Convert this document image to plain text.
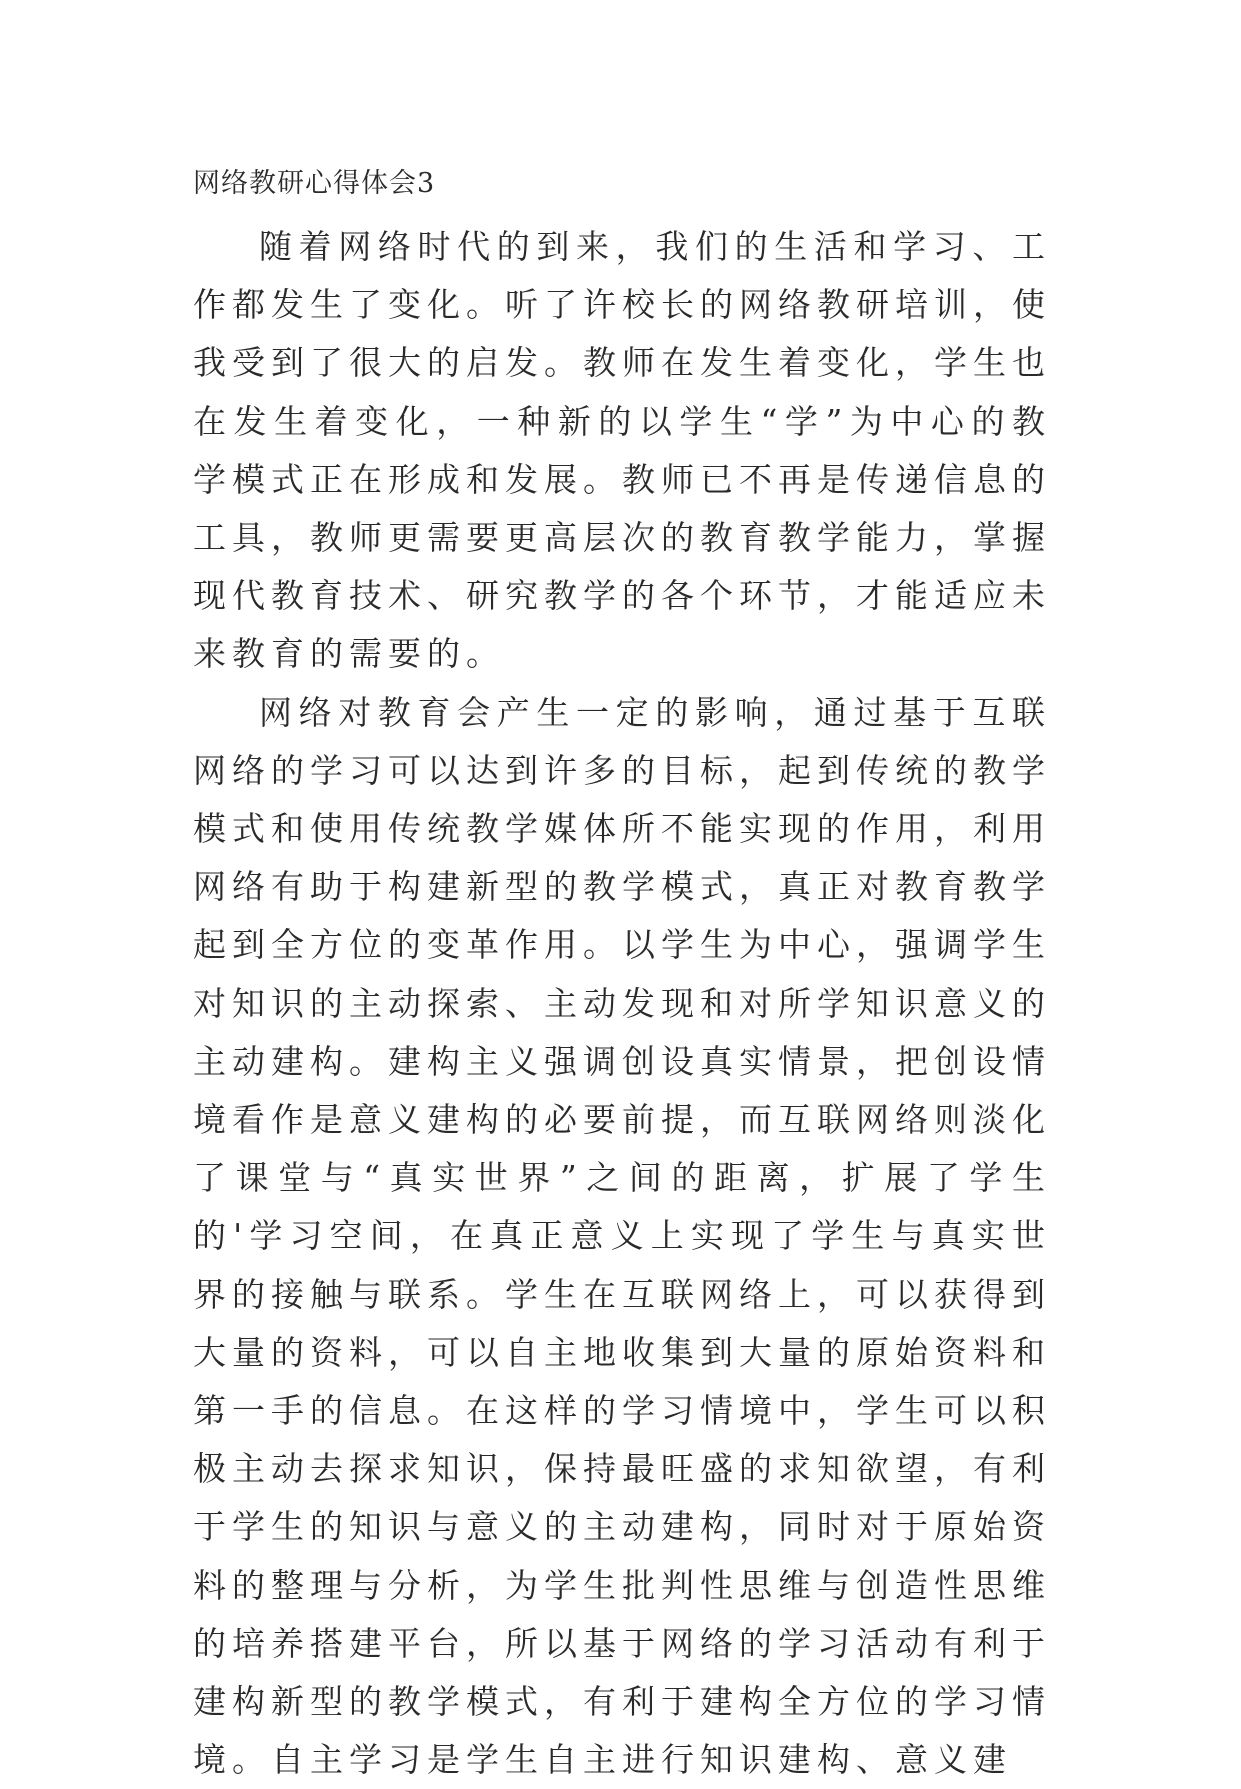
网络教研心得体会3

随着网络时代的到来，我们的生活和学习、工作都发生了变化。听了许校长的网络教研培训，使我受到了很大的启发。教师在发生着变化，学生也在发生着变化，一种新的以学生“学”为中心的教学模式正在形成和发展。教师已不再是传递信息的工具，教师更需要更高层次的教育教学能力，掌握现代教育技术、研究教学的各个环节，才能适应未来教育的需要的。

网络对教育会产生一定的影响，通过基于互联网络的学习可以达到许多的目标，起到传统的教学模式和使用传统教学媒体所不能实现的作用，利用网络有助于构建新型的教学模式，真正对教育教学起到全方位的变革作用。以学生为中心，强调学生对知识的主动探索、主动发现和对所学知识意义的主动建构。建构主义强调创设真实情景，把创设情境看作是意义建构的必要前提，而互联网络则淡化了课堂与“真实世界”之间的距离，扩展了学生的'学习空间，在真正意义上实现了学生与真实世界的接触与联系。学生在互联网络上，可以获得到大量的资料，可以自主地收集到大量的原始资料和第一手的信息。在这样的学习情境中，学生可以积极主动去探求知识，保持最旺盛的求知欲望，有利于学生的知识与意义的主动建构，同时对于原始资料的整理与分析，为学生批判性思维与创造性思维的培养搭建平台，所以基于网络的学习活动有利于建构新型的教学模式，有利于建构全方位的学习情境。自主学习是学生自主进行知识建构、意义建
